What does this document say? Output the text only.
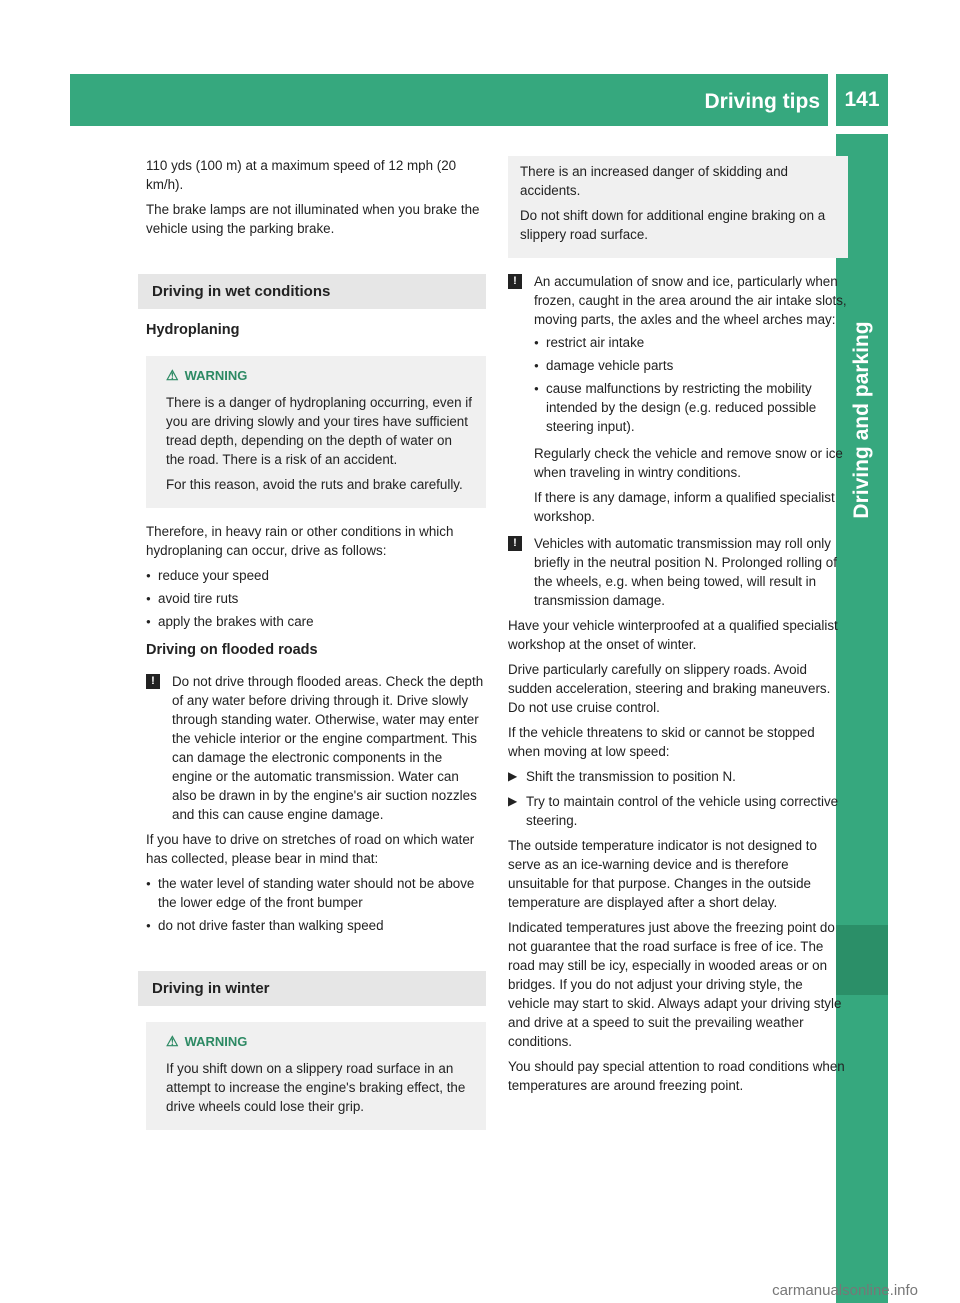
Driving tips	141
Driving and parking

110 yds (100 m) at a maximum speed of 12 mph (20 km/h).

The brake lamps are not illuminated when you brake the vehicle using the parking brake.

Driving in wet conditions
Hydroplaning
⚠ WARNING

There is a danger of hydroplaning occurring, even if you are driving slowly and your tires have sufficient tread depth, depending on the depth of water on the road. There is a risk of an accident.

For this reason, avoid the ruts and brake carefully.

Therefore, in heavy rain or other conditions in which hydroplaning can occur, drive as follows:

● reduce your speed
● avoid tire ruts
● apply the brakes with care
Driving on flooded roads
!	Do not drive through flooded areas. Check the depth of any water before driving through it. Drive slowly through standing water. Otherwise, water may enter the vehicle interior or the engine compartment. This can damage the electronic components in the engine or the automatic transmission. Water can also be drawn in by the engine's air suction nozzles and this can cause engine damage.

If you have to drive on stretches of road on which water has collected, please bear in mind that:

● the water level of standing water should not be above the lower edge of the front bumper
● do not drive faster than walking speed
Driving in winter
⚠ WARNING

If you shift down on a slippery road surface in an attempt to increase the engine's braking effect, the drive wheels could lose their grip.

There is an increased danger of skidding and accidents.

Do not shift down for additional engine braking on a slippery road surface.

!	An accumulation of snow and ice, particularly when frozen, caught in the area around the air intake slots, moving parts, the axles and the wheel arches may:
● restrict air intake
● damage vehicle parts
● cause malfunctions by restricting the mobility intended by the design (e.g. reduced possible steering input).

Regularly check the vehicle and remove snow or ice when traveling in wintry conditions.

If there is any damage, inform a qualified specialist workshop.

!	Vehicles with automatic transmission may roll only briefly in the neutral position N. Prolonged rolling of the wheels, e.g. when being towed, will result in transmission damage.

Have your vehicle winterproofed at a qualified specialist workshop at the onset of winter.

Drive particularly carefully on slippery roads. Avoid sudden acceleration, steering and braking maneuvers. Do not use cruise control.

If the vehicle threatens to skid or cannot be stopped when moving at low speed:

▶ Shift the transmission to position N.
▶ Try to maintain control of the vehicle using corrective steering.

The outside temperature indicator is not designed to serve as an ice-warning device and is therefore unsuitable for that purpose. Changes in the outside temperature are displayed after a short delay.

Indicated temperatures just above the freezing point do not guarantee that the road surface is free of ice. The road may still be icy, especially in wooded areas or on bridges. If you do not adjust your driving style, the vehicle may start to skid. Always adapt your driving style and drive at a speed to suit the prevailing weather conditions.

You should pay special attention to road conditions when temperatures are around freezing point.

carmanualsonline.info
